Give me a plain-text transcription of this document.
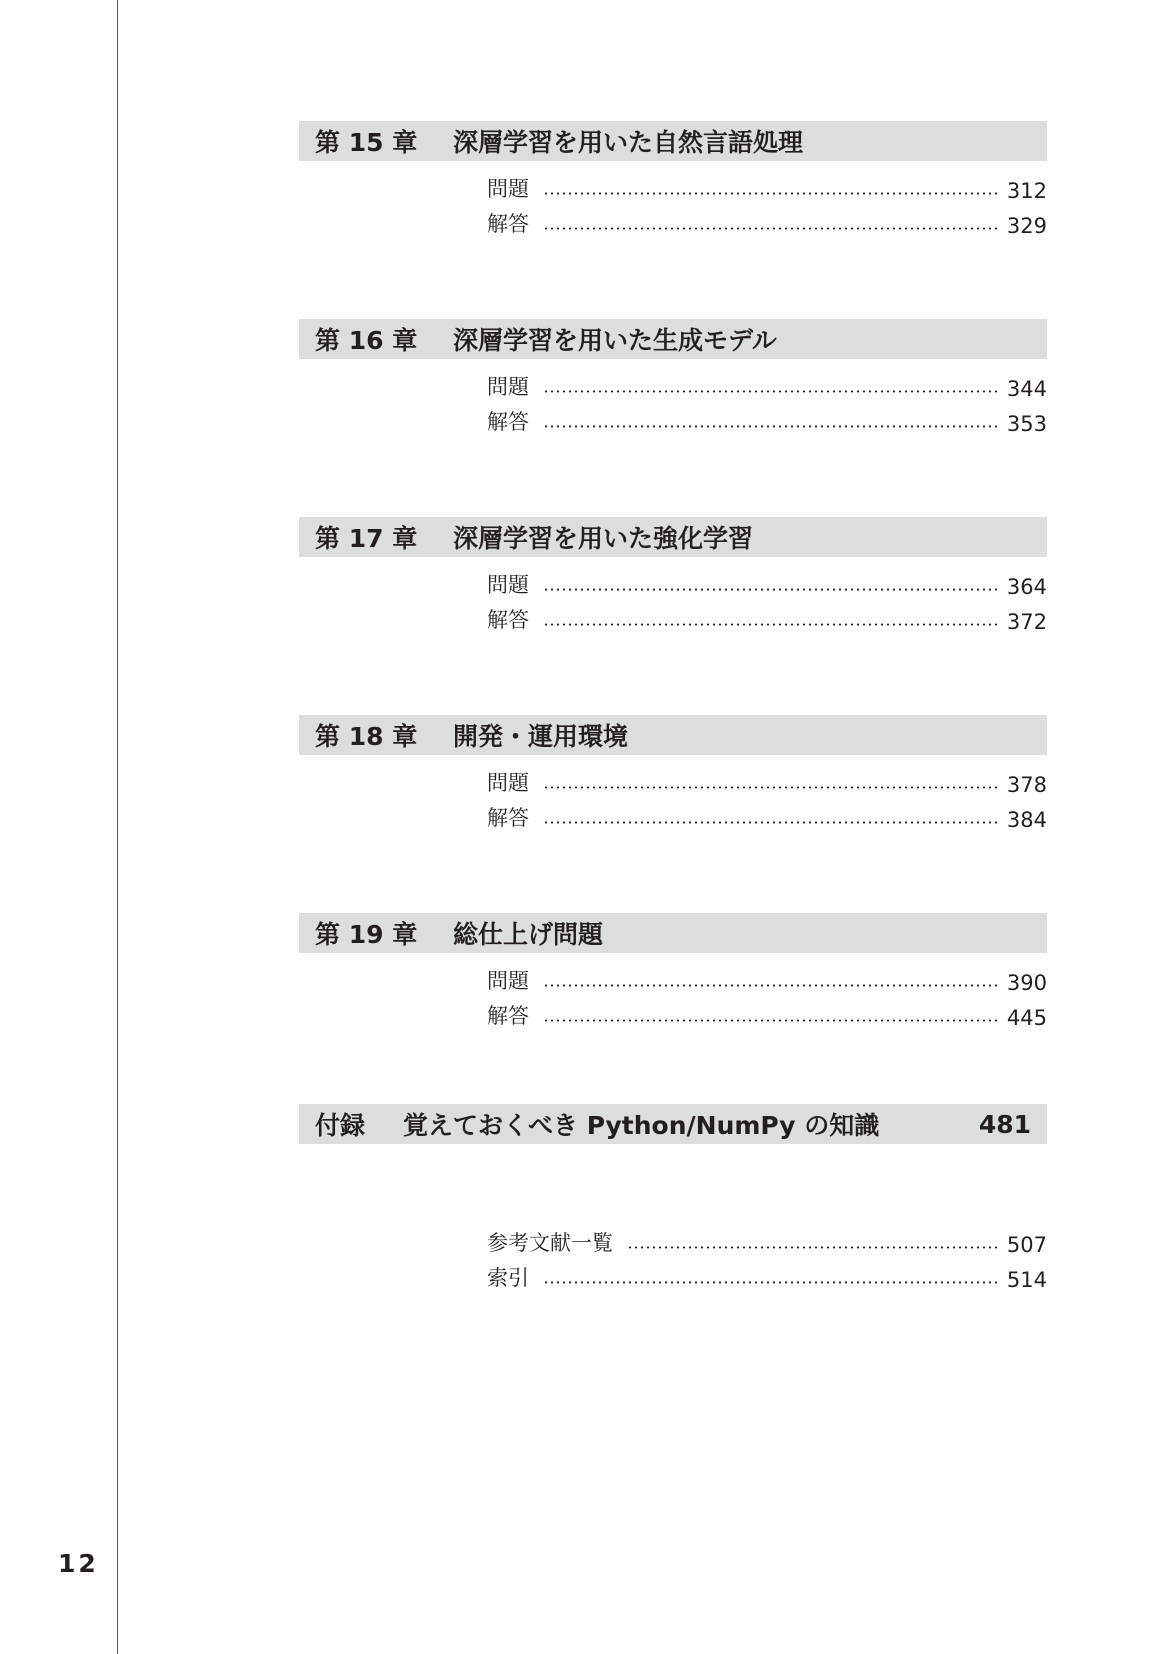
第 15 章	深層学習を用いた自然言語処理
問題	312
解答	329
第 16 章	深層学習を用いた生成モデル
問題	344
解答	353
第 17 章	深層学習を用いた強化学習
問題	364
解答	372
第 18 章	開発・運用環境
問題	378
解答	384
第 19 章	総仕上げ問題
問題	390
解答	445
付録	覚えておくべき Python/NumPy の知識	481
参考文献一覧	507
索引	514
12
